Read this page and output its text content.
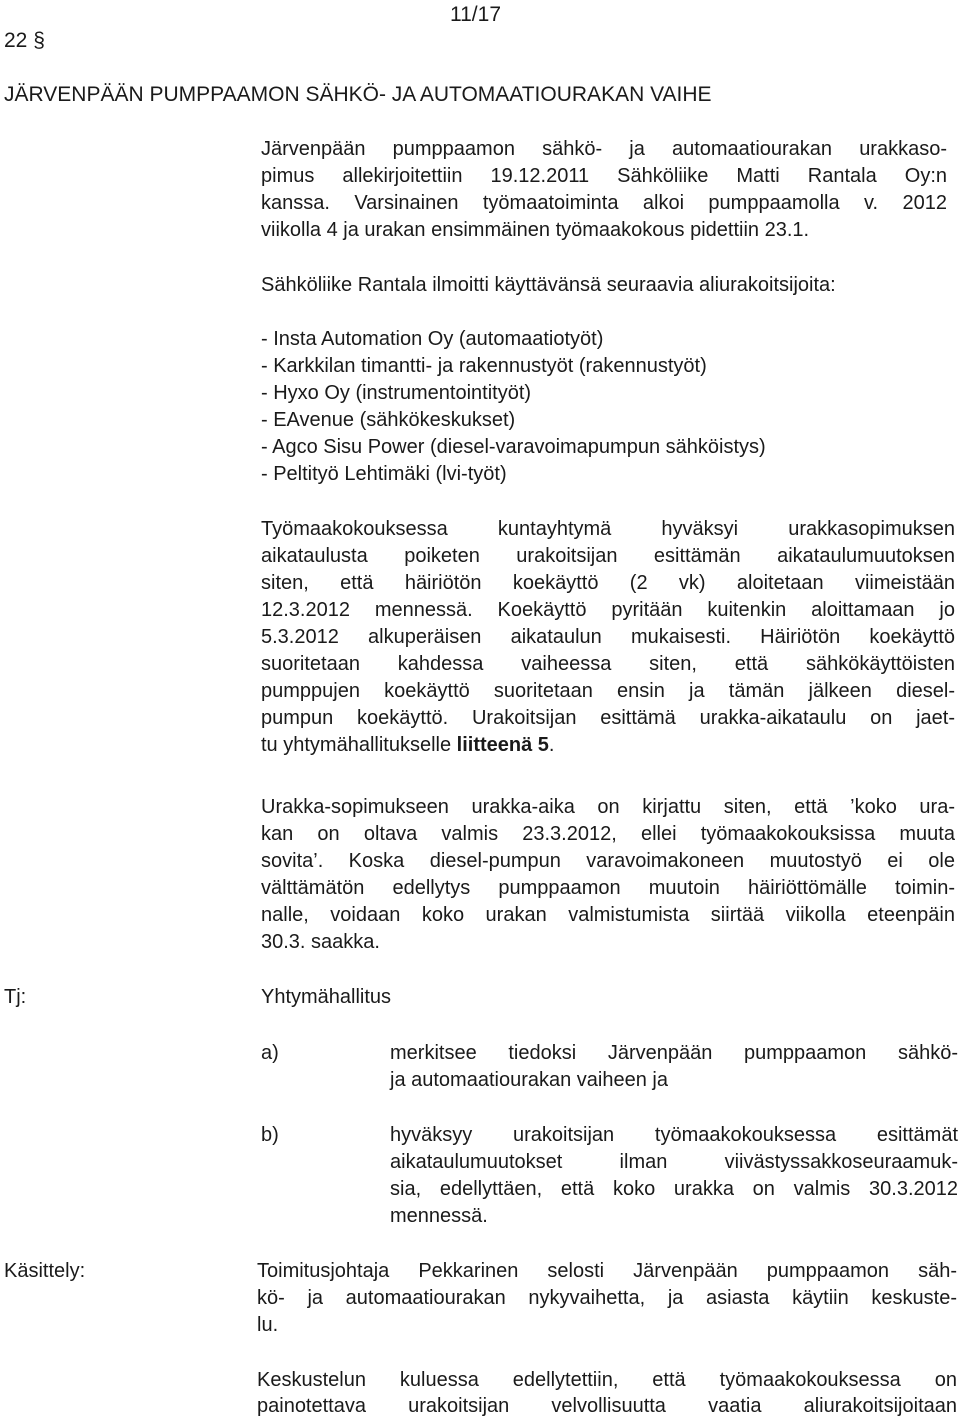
11/17
22 §
JÄRVENPÄÄN PUMPPAAMON SÄHKÖ- JA AUTOMAATIOURAKAN VAIHE
Järvenpään pumppaamon sähkö- ja automaatiourakan urakkaso-
pimus allekirjoitettiin 19.12.2011 Sähköliike Matti Rantala Oy:n
kanssa. Varsinainen työmaatoiminta alkoi pumppaamolla v. 2012
viikolla 4 ja urakan ensimmäinen työmaakokous pidettiin 23.1.
Sähköliike Rantala ilmoitti käyttävänsä seuraavia aliurakoitsijoita:
- Insta Automation Oy (automaatiotyöt)
- Karkkilan timantti- ja rakennustyöt (rakennustyöt)
- Hyxo Oy (instrumentointityöt)
- EAvenue (sähkökeskukset)
- Agco Sisu Power (diesel-varavoimapumpun sähköistys)
- Peltityö Lehtimäki (lvi-työt)
Työmaakokouksessa kuntayhtymä hyväksyi urakkasopimuksen
aikataulusta poiketen urakoitsijan esittämän aikataulumuutoksen
siten, että häiriötön koekäyttö (2 vk) aloitetaan viimeistään
12.3.2012 mennessä. Koekäyttö pyritään kuitenkin aloittamaan jo
5.3.2012 alkuperäisen aikataulun mukaisesti. Häiriötön koekäyttö
suoritetaan kahdessa vaiheessa siten, että sähkökäyttöisten
pumppujen koekäyttö suoritetaan ensin ja tämän jälkeen diesel-
pumpun koekäyttö. Urakoitsijan esittämä urakka-aikataulu on jaet-
tu yhtymähallitukselle liitteenä 5.
Urakka-sopimukseen urakka-aika on kirjattu siten, että ’koko ura-
kan on oltava valmis 23.3.2012, ellei työmaakokouksissa muuta
sovita’. Koska diesel-pumpun varavoimakoneen muutostyö ei ole
välttämätön edellytys pumppaamon muutoin häiriöttömälle toimin-
nalle, voidaan koko urakan valmistumista siirtää viikolla eteenpäin
30.3. saakka.
Tj:	Yhtymähallitus
a)	merkitsee tiedoksi Järvenpään pumppaamon sähkö-
ja automaatiourakan vaiheen ja
b)	hyväksyy urakoitsijan työmaakokouksessa esittämät
aikataulumuutokset ilman viivästyssakkoseuraamuk-
sia, edellyttäen, että koko urakka on valmis 30.3.2012
mennessä.
Käsittely:	Toimitusjohtaja Pekkarinen selosti Järvenpään pumppaamon säh-
kö- ja automaatiourakan nykyvaihetta, ja asiasta käytiin keskuste-
lu.
Keskustelun kuluessa edellytettiin, että työmaakokouksessa on
painotettava urakoitsijan velvollisuutta vaatia aliurakoitsijoitaan
